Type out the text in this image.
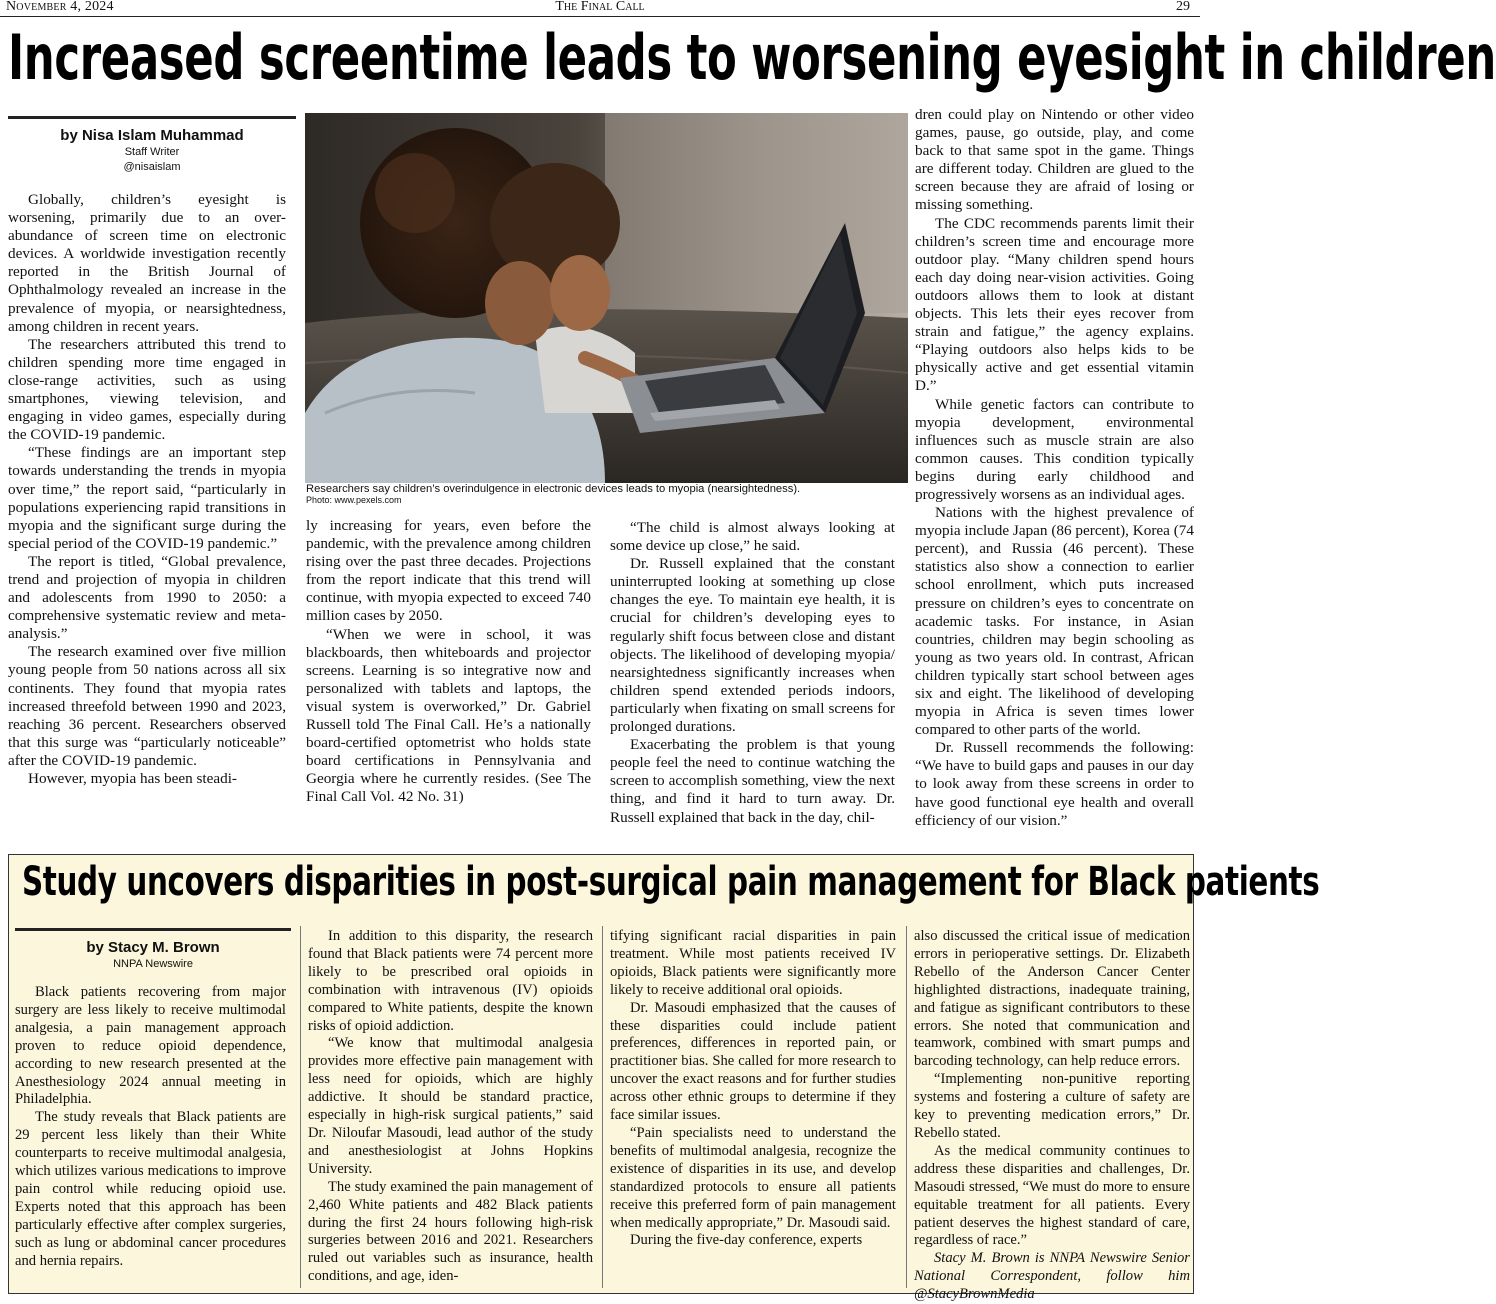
November 4, 2024	The Final Call	29
Increased screentime leads to worsening eyesight in children
by Nisa Islam Muhammad
Staff Writer
@nisaislam

Globally, children’s eyesight is worsening, primarily due to an over-abundance of screen time on electronic devices. A worldwide investigation recently reported in the British Journal of Ophthalmology revealed an increase in the prevalence of myopia, or nearsightedness, among children in recent years.

The researchers attributed this trend to children spending more time engaged in close-range activities, such as using smartphones, viewing television, and engaging in video games, especially during the COVID-19 pandemic.

“These findings are an important step towards understanding the trends in myopia over time,” the report said, “particularly in populations experiencing rapid transitions in myopia and the significant surge during the special period of the COVID-19 pandemic.”

The report is titled, “Global prevalence, trend and projection of myopia in children and adolescents from 1990 to 2050: a comprehensive systematic review and meta-analysis.”

The research examined over five million young people from 50 nations across all six continents. They found that myopia rates increased threefold between 1990 and 2023, reaching 36 percent. Researchers observed that this surge was “particularly noticeable” after the COVID-19 pandemic.

However, myopia has been steadi-

Researchers say children’s overindulgence in electronic devices leads to myopia (nearsightedness).
Photo: www.pexels.com

ly increasing for years, even before the pandemic, with the prevalence among children rising over the past three decades. Projections from the report indicate that this trend will continue, with myopia expected to exceed 740 million cases by 2050.

“When we were in school, it was blackboards, then whiteboards and projector screens. Learning is so integrative now and personalized with tablets and laptops, the visual system is overworked,” Dr. Gabriel Russell told The Final Call. He’s a nationally board-certified optometrist who holds state board certifications in Pennsylvania and Georgia where he currently resides. (See The Final Call Vol. 42 No. 31)

“The child is almost always looking at some device up close,” he said.

Dr. Russell explained that the constant uninterrupted looking at something up close changes the eye. To maintain eye health, it is crucial for children’s developing eyes to regularly shift focus between close and distant objects. The likelihood of developing myopia/ nearsightedness significantly increases when children spend extended periods indoors, particularly when fixating on small screens for prolonged durations.

Exacerbating the problem is that young people feel the need to continue watching the screen to accomplish something, view the next thing, and find it hard to turn away. Dr. Russell explained that back in the day, chil-

dren could play on Nintendo or other video games, pause, go outside, play, and come back to that same spot in the game. Things are different today. Children are glued to the screen because they are afraid of losing or missing something.

The CDC recommends parents limit their children’s screen time and encourage more outdoor play. “Many children spend hours each day doing near-vision activities. Going outdoors allows them to look at distant objects. This lets their eyes recover from strain and fatigue,” the agency explains. “Playing outdoors also helps kids to be physically active and get essential vitamin D.”

While genetic factors can contribute to myopia development, environmental influences such as muscle strain are also common causes. This condition typically begins during early childhood and progressively worsens as an individual ages.

Nations with the highest prevalence of myopia include Japan (86 percent), Korea (74 percent), and Russia (46 percent). These statistics also show a connection to earlier school enrollment, which puts increased pressure on children’s eyes to concentrate on academic tasks. For instance, in Asian countries, children may begin schooling as young as two years old. In contrast, African children typically start school between ages six and eight. The likelihood of developing myopia in Africa is seven times lower compared to other parts of the world.

Dr. Russell recommends the following: “We have to build gaps and pauses in our day to look away from these screens in order to have good functional eye health and overall efficiency of our vision.”

Study uncovers disparities in post-surgical pain management for Black patients
by Stacy M. Brown
NNPA Newswire

Black patients recovering from major surgery are less likely to receive multimodal analgesia, a pain management approach proven to reduce opioid dependence, according to new research presented at the Anesthesiology 2024 annual meeting in Philadelphia.

The study reveals that Black patients are 29 percent less likely than their White counterparts to receive multimodal analgesia, which utilizes various medications to improve pain control while reducing opioid use. Experts noted that this approach has been particularly effective after complex surgeries, such as lung or abdominal cancer procedures and hernia repairs.

In addition to this disparity, the research found that Black patients were 74 percent more likely to be prescribed oral opioids in combination with intravenous (IV) opioids compared to White patients, despite the known risks of opioid addiction.

“We know that multimodal analgesia provides more effective pain management with less need for opioids, which are highly addictive. It should be standard practice, especially in high-risk surgical patients,” said Dr. Niloufar Masoudi, lead author of the study and anesthesiologist at Johns Hopkins University.

The study examined the pain management of 2,460 White patients and 482 Black patients during the first 24 hours following high-risk surgeries between 2016 and 2021. Researchers ruled out variables such as insurance, health conditions, and age, iden-

tifying significant racial disparities in pain treatment. While most patients received IV opioids, Black patients were significantly more likely to receive additional oral opioids.

Dr. Masoudi emphasized that the causes of these disparities could include patient preferences, differences in reported pain, or practitioner bias. She called for more research to uncover the exact reasons and for further studies across other ethnic groups to determine if they face similar issues.

“Pain specialists need to understand the benefits of multimodal analgesia, recognize the existence of disparities in its use, and develop standardized protocols to ensure all patients receive this preferred form of pain management when medically appropriate,” Dr. Masoudi said.

During the five-day conference, experts

also discussed the critical issue of medication errors in perioperative settings. Dr. Elizabeth Rebello of the Anderson Cancer Center highlighted distractions, inadequate training, and fatigue as significant contributors to these errors. She noted that communication and teamwork, combined with smart pumps and barcoding technology, can help reduce errors.

“Implementing non-punitive reporting systems and fostering a culture of safety are key to preventing medication errors,” Dr. Rebello stated.

As the medical community continues to address these disparities and challenges, Dr. Masoudi stressed, “We must do more to ensure equitable treatment for all patients. Every patient deserves the highest standard of care, regardless of race.”

Stacy M. Brown is NNPA Newswire Senior National Correspondent, follow him @StacyBrownMedia
